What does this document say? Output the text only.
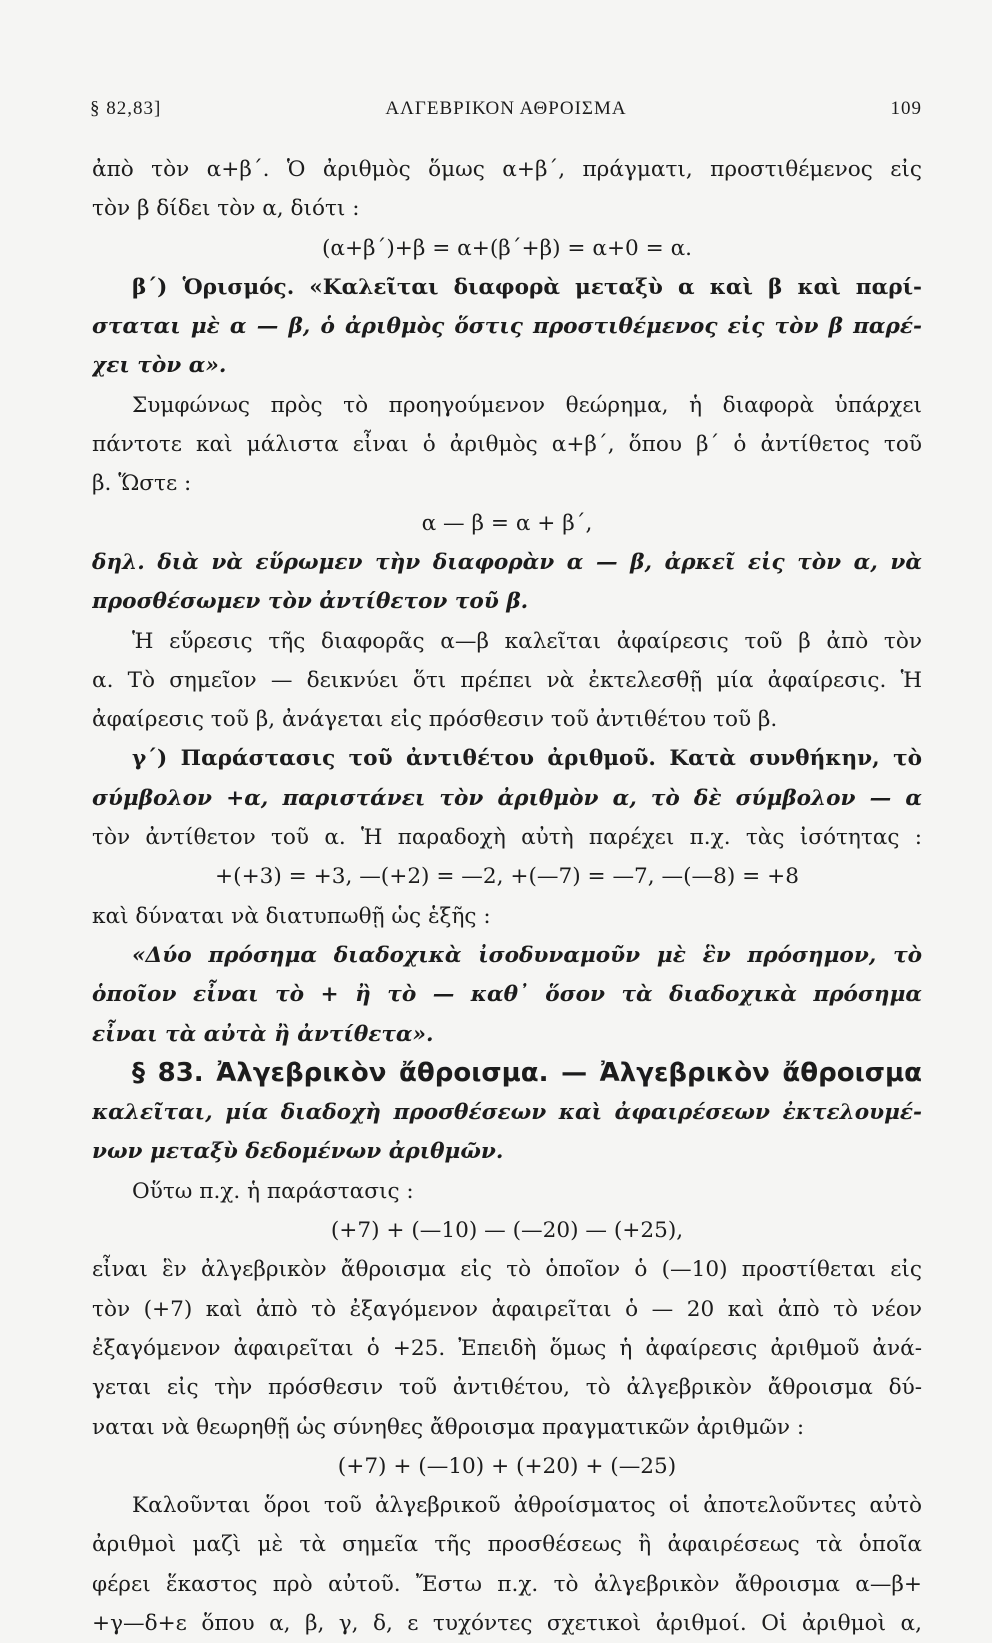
§ 82,83]	ΑΛΓΕΒΡΙΚΟΝ ΑΘΡΟΙΣΜΑ	109
ἀπὸ τὸν α+β΄. Ὁ ἀριθμὸς ὅμως α+β΄, πράγματι, προστιθέμενος εἰς
τὸν β δίδει τὸν α, διότι :
(α+β΄)+β = α+(β΄+β) = α+0 = α.
β΄) Ὁρισμός. «Καλεῖται διαφορὰ μεταξὺ α καὶ β καὶ παρί-
σταται μὲ α — β, ὁ ἀριθμὸς ὅστις προστιθέμενος εἰς τὸν β παρέ-
χει τὸν α».
Συμφώνως πρὸς τὸ προηγούμενον θεώρημα, ἡ διαφορὰ ὑπάρχει
πάντοτε καὶ μάλιστα εἶναι ὁ ἀριθμὸς α+β΄, ὅπου β΄ ὁ ἀντίθετος τοῦ
β. Ὥστε :
α — β = α + β΄,
δηλ. διὰ νὰ εὕρωμεν τὴν διαφορὰν α — β, ἀρκεῖ εἰς τὸν α, νὰ
προσθέσωμεν τὸν ἀντίθετον τοῦ β.
Ἡ εὕρεσις τῆς διαφορᾶς α—β καλεῖται ἀφαίρεσις τοῦ β ἀπὸ τὸν
α. Τὸ σημεῖον — δεικνύει ὅτι πρέπει νὰ ἐκτελεσθῇ μία ἀφαίρεσις. Ἡ
ἀφαίρεσις τοῦ β, ἀνάγεται εἰς πρόσθεσιν τοῦ ἀντιθέτου τοῦ β.
γ΄) Παράστασις τοῦ ἀντιθέτου ἀριθμοῦ. Κατὰ συνθήκην, τὸ
σύμβολον +α, παριστάνει τὸν ἀριθμὸν α, τὸ δὲ σύμβολον — α
τὸν ἀντίθετον τοῦ α. Ἡ παραδοχὴ αὐτὴ παρέχει π.χ. τὰς ἰσότητας :
+(+3) = +3, —(+2) = —2, +(—7) = —7, —(—8) = +8
καὶ δύναται νὰ διατυπωθῇ ὡς ἑξῆς :
«Δύο πρόσημα διαδοχικὰ ἰσοδυναμοῦν μὲ ἓν πρόσημον, τὸ
ὁποῖον εἶναι τὸ + ἢ τὸ — καθ᾽ ὅσον τὰ διαδοχικὰ πρόσημα
εἶναι τὰ αὐτὰ ἢ ἀντίθετα».
§ 83. Ἀλγεβρικὸν ἄθροισμα. — Ἀλγεβρικὸν ἄθροισμα
καλεῖται, μία διαδοχὴ προσθέσεων καὶ ἀφαιρέσεων ἐκτελουμέ-
νων μεταξὺ δεδομένων ἀριθμῶν.
Οὕτω π.χ. ἡ παράστασις :
(+7) + (—10) — (—20) — (+25),
εἶναι ἓν ἀλγεβρικὸν ἄθροισμα εἰς τὸ ὁποῖον ὁ (—10) προστίθεται εἰς
τὸν (+7) καὶ ἀπὸ τὸ ἐξαγόμενον ἀφαιρεῖται ὁ — 20 καὶ ἀπὸ τὸ νέον
ἐξαγόμενον ἀφαιρεῖται ὁ +25. Ἐπειδὴ ὅμως ἡ ἀφαίρεσις ἀριθμοῦ ἀνά-
γεται εἰς τὴν πρόσθεσιν τοῦ ἀντιθέτου, τὸ ἀλγεβρικὸν ἄθροισμα δύ-
ναται νὰ θεωρηθῇ ὡς σύνηθες ἄθροισμα πραγματικῶν ἀριθμῶν :
(+7) + (—10) + (+20) + (—25)
Καλοῦνται ὅροι τοῦ ἀλγεβρικοῦ ἀθροίσματος οἱ ἀποτελοῦντες αὐτὸ
ἀριθμοὶ μαζὶ μὲ τὰ σημεῖα τῆς προσθέσεως ἢ ἀφαιρέσεως τὰ ὁποῖα
φέρει ἕκαστος πρὸ αὐτοῦ. Ἔστω π.χ. τὸ ἀλγεβρικὸν ἄθροισμα α—β+
+γ—δ+ε ὅπου α, β, γ, δ, ε τυχόντες σχετικοὶ ἀριθμοί. Οἱ ἀριθμοὶ α,
